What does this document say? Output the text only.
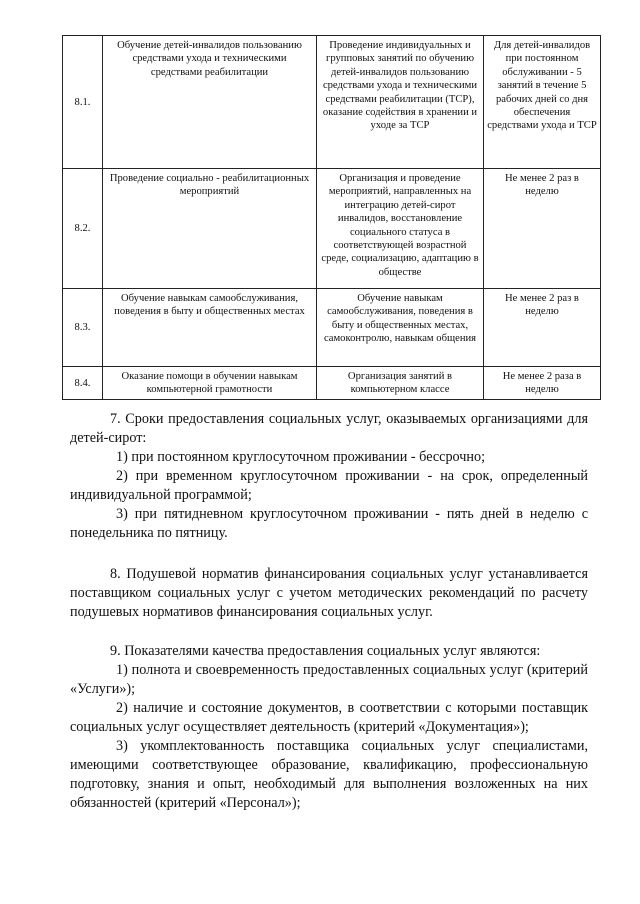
8.1.	Обучение детей-инвалидов пользованию средствами ухода и техническими средствами реабилитации	Проведение индивидуальных и групповых занятий по обучению детей-инвалидов пользованию средствами ухода и техническими средствами реабилитации (ТСР), оказание содействия в хранении и уходе за ТСР	Для детей-инвалидов при постоянном обслуживании - 5 занятий в течение 5 рабочих дней со дня обеспечения средствами ухода и ТСР
8.2.	Проведение социально - реабилитационных мероприятий	Организация и проведение мероприятий, направленных на интеграцию детей-сирот инвалидов, восстановление социального статуса в соответствующей возрастной среде, социализацию, адаптацию в обществе	Не менее 2 раз в неделю
8.3.	Обучение навыкам самообслуживания, поведения в быту и общественных местах	Обучение навыкам самообслуживания, поведения в быту и общественных местах, самоконтролю, навыкам общения	Не менее 2 раз в неделю
8.4.	Оказание помощи в обучении навыкам компьютерной грамотности	Организация занятий в компьютерном классе	Не менее 2 раза в неделю

7. Сроки предоставления социальных услуг, оказываемых организациями для детей-сирот:

1) при постоянном круглосуточном проживании - бессрочно;

2) при временном круглосуточном проживании - на срок, определенный индивидуальной программой;

3) при пятидневном круглосуточном проживании - пять дней в неделю с понедельника по пятницу.

8. Подушевой норматив финансирования социальных услуг устанавливается поставщиком социальных услуг с учетом методических рекомендаций по расчету подушевых нормативов финансирования социальных услуг.

9. Показателями качества предоставления социальных услуг являются:

1) полнота и своевременность предоставленных социальных услуг (критерий «Услуги»);

2) наличие и состояние документов, в соответствии с которыми поставщик социальных услуг осуществляет деятельность (критерий «Документация»);

3) укомплектованность поставщика социальных услуг специалистами, имеющими соответствующее образование, квалификацию, профессиональную подготовку, знания и опыт, необходимый для выполнения возложенных на них обязанностей (критерий «Персонал»);
